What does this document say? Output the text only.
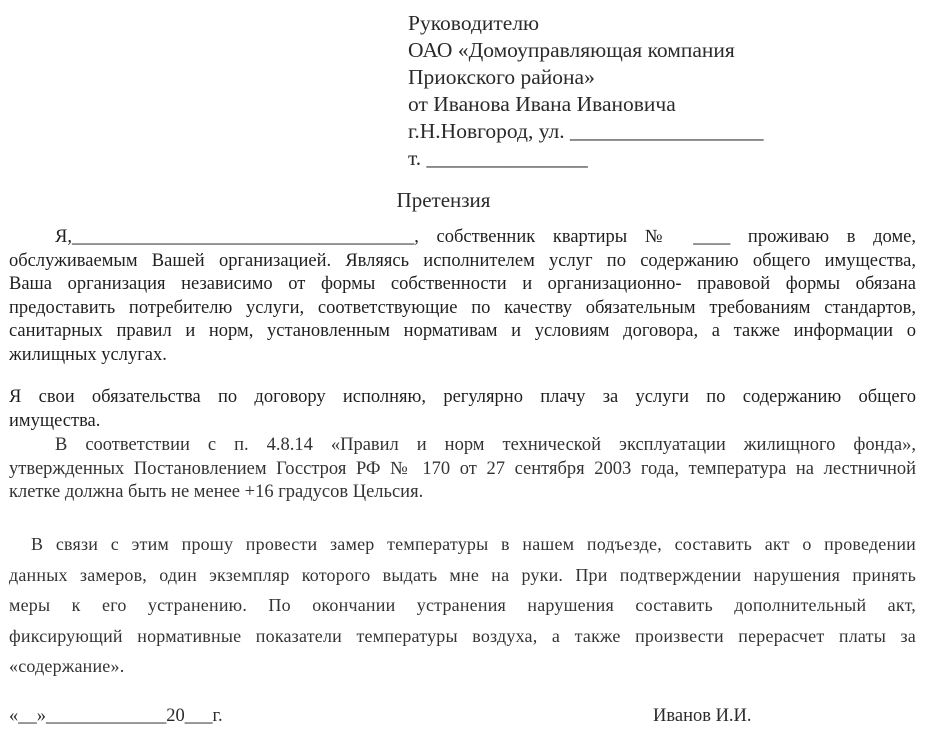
Руководителю
ОАО «Домоуправляющая компания
Приокского района»
от Иванова Ивана Ивановича
г.Н.Новгород, ул. __________________
т. _______________
Претензия
Я,_____________________________________, собственник квартиры № ____ проживаю в доме,
обслуживаемым Вашей организацией. Являясь исполнителем услуг по содержанию общего имущества,
Ваша организация независимо от формы собственности и организационно- правовой формы обязана
предоставить потребителю услуги, соответствующие по качеству обязательным требованиям стандартов,
санитарных правил и норм, установленным нормативам и условиям договора, а также информации о
жилищных услугах.
Я свои обязательства по договору исполняю, регулярно плачу за услуги по содержанию общего
имущества.
В соответствии с п. 4.8.14 «Правил и норм технической эксплуатации жилищного фонда»,
утвержденных Постановлением Госстроя РФ № 170 от 27 сентября 2003 года, температура на лестничной
клетке должна быть не менее +16 градусов Цельсия.
В связи с этим прошу провести замер температуры в нашем подъезде, составить акт о проведении
данных замеров, один экземпляр которого выдать мне на руки. При подтверждении нарушения принять
меры к его устранению. По окончании устранения нарушения составить дополнительный акт,
фиксирующий нормативные показатели температуры воздуха, а также произвести перерасчет платы за
«содержание».
«__»_____________20___г.	Иванов И.И.
